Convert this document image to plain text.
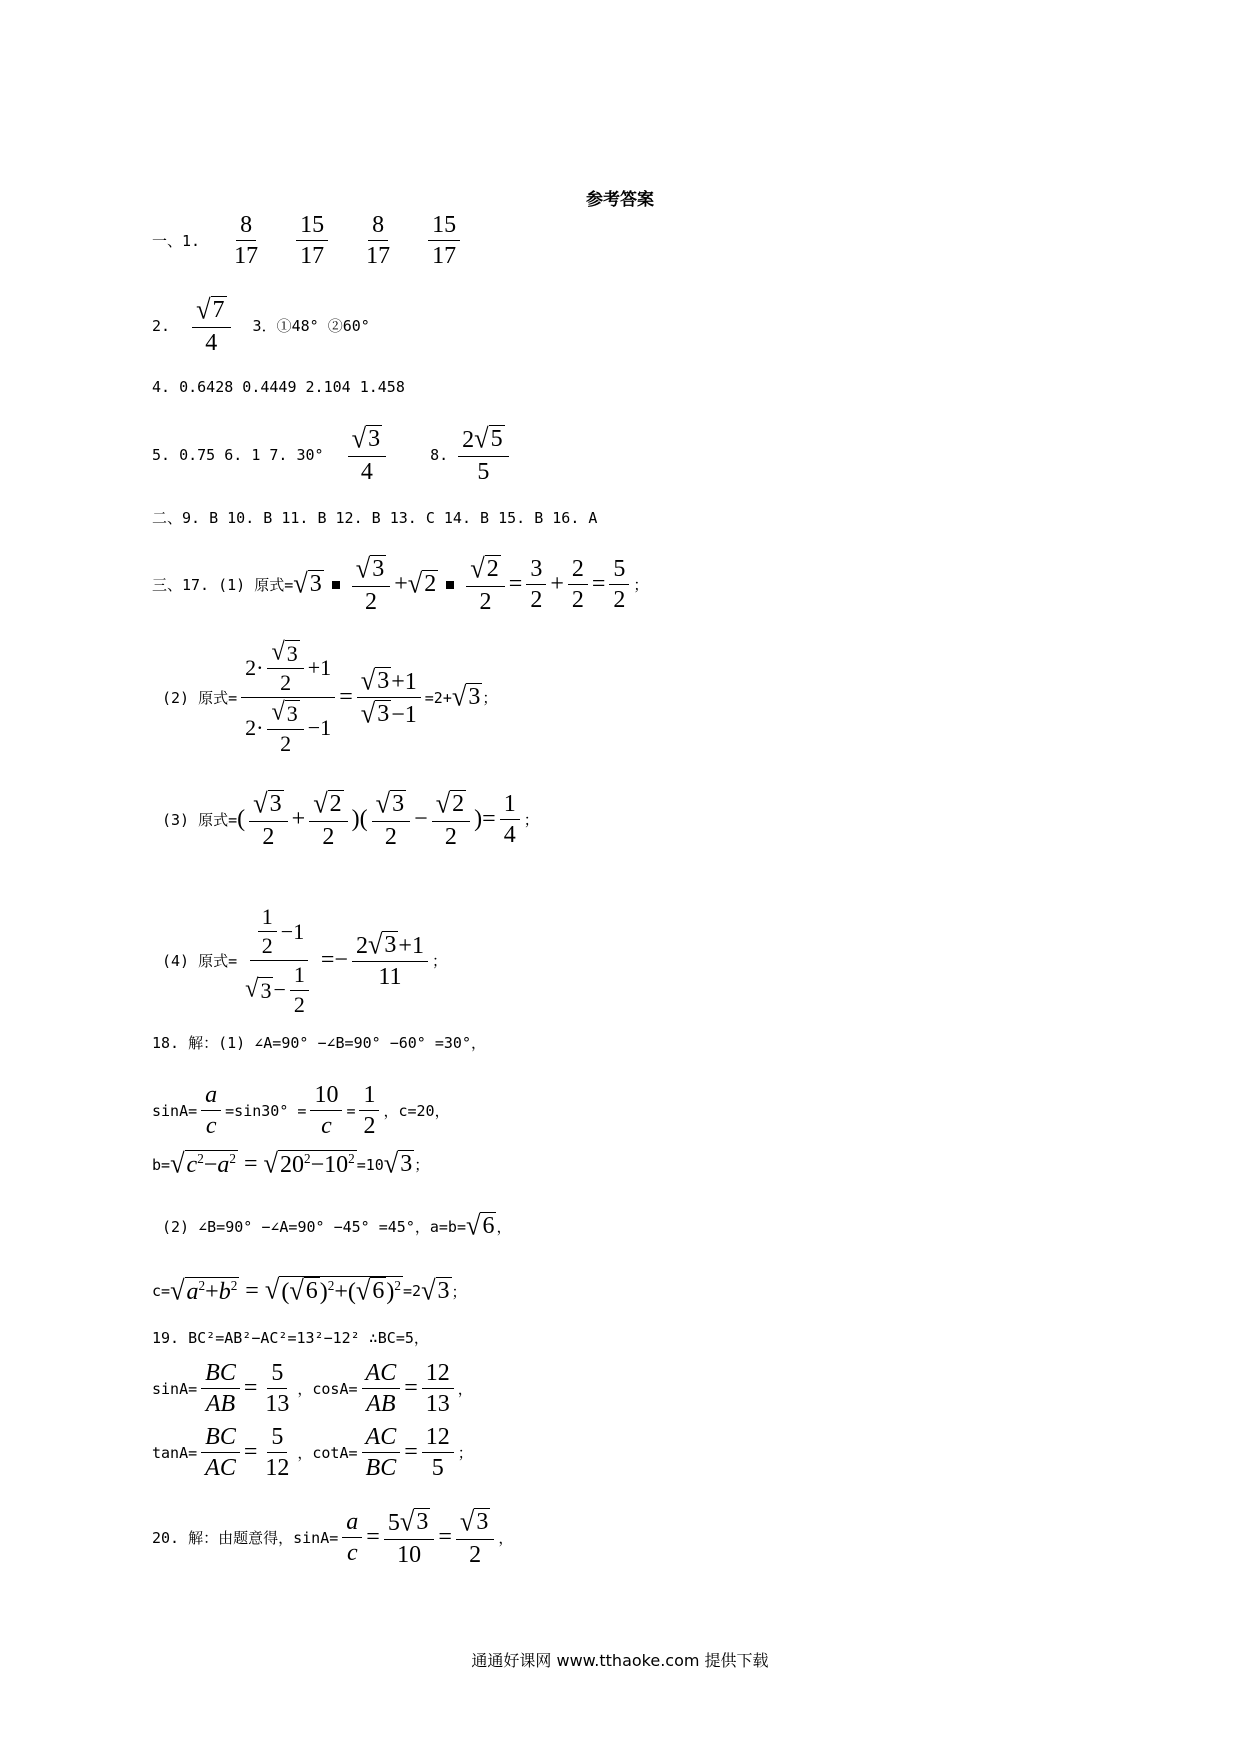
参考答案
一、1.
8
17
15
17
8
17
15
17
2.
√ 7
4
3．①48° ②60°
4. 0.6428 0.4449 2.104 1.458
5. 0.75 6. 1 7. 30°
√ 3
4
8.
2 √ 5
5
二、9. B 10. B 11. B 12. B 13. C 14. B 15. B 16. A
三、17. (1) 原式= √ 3
√ 3
2
+ √ $2 \frac{√ 2}{2} = \frac{3}{2} + \frac{2}{2} = \frac{5}{2}$ ；
(2) 原式= 2·
√ 3
2
+1
2·
√ 3
2
$-1 = \frac{√ 3 +1}{√ 3 -1} =2+$ √ 3 ；
(3) 原式= (
√ 3
2
+ $\frac{√ 2}{2}$ )(
√ 3
2
− $\frac{√ 2}{2}$ )= $\frac{1}{4}$ ；
(4) 原式= 1
2
−1
√ 3 −
1
$2 =- \frac{2 √ 3 +1}{11}$ ；
18. 解：(1) ∠A=90° −∠B=90° −60° =30°，
$\sin A= \frac{a}{c} =\sin 30^\circ = \frac{10}{c} = \frac{1}{2}$ ，c=20，
b= √ $c^2-a^2$ = √ $20^2-10^2 =10$ √ 3 ；
(2) ∠B=90° −∠A=90° −45° =45°，a=b= √ 6 ，
c= √ $a^2+b^2$ = √ ( √ 6 )$^2$+( √ 6 )$^2$ =2 √ 3 ；
19. BC²=AB²−AC²=13²−12² ∴BC=5，
$\sin A= \frac{BC}{AB} = \frac{5}{13}$ ，$\cos A= \frac{AC}{AB} = \frac{12}{13}$ ，
$\tan A= \frac{BC}{AC} = \frac{5}{12}$ ，$\cot A= \frac{AC}{BC} = \frac{12}{5}$ ；
20. 解：由题意得，$\sin A= \frac{a}{c} = \frac{5 √ 3}{10} = \frac{√ 3}{2}$ ，
通通好课网 www.tthaoke.com 提供下载
